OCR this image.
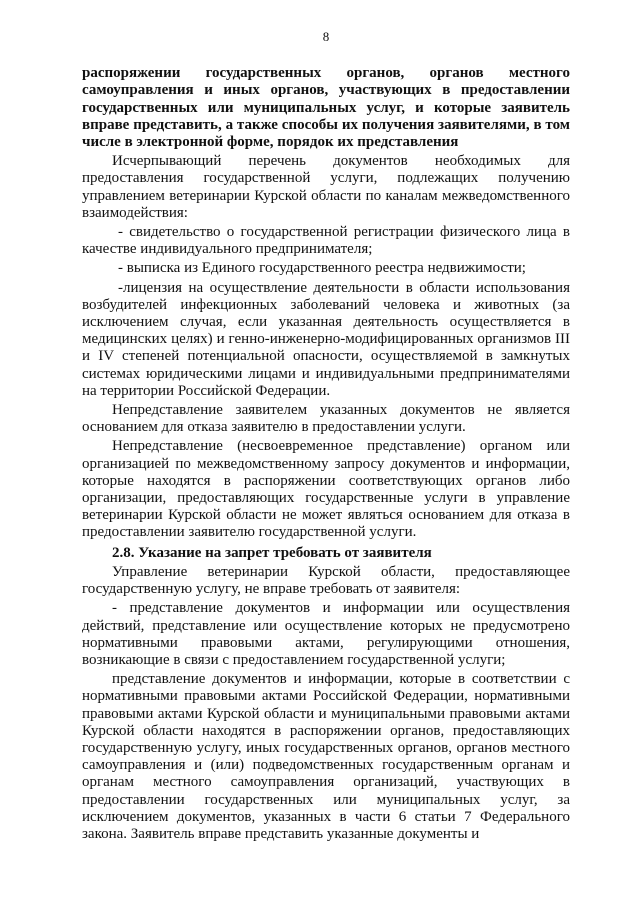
8
распоряжении государственных органов, органов местного самоуправления и иных органов, участвующих в предоставлении государственных или муниципальных услуг, и которые заявитель вправе представить, а также способы их получения заявителями, в том числе в электронной форме, порядок их представления

Исчерпывающий перечень документов необходимых для предоставления государственной услуги, подлежащих получению управлением ветеринарии Курской области по каналам межведомственного взаимодействия:

- свидетельство о государственной регистрации физического лица в качестве индивидуального предпринимателя;

- выписка из Единого государственного реестра недвижимости;

-лицензия на осуществление деятельности в области использования возбудителей инфекционных заболеваний человека и животных (за исключением случая, если указанная деятельность осуществляется в медицинских целях) и генно-инженерно-модифицированных организмов III и IV степеней потенциальной опасности, осуществляемой в замкнутых системах юридическими лицами и индивидуальными предпринимателями на территории Российской Федерации.

Непредставление заявителем указанных документов не является основанием для отказа заявителю в предоставлении услуги.

Непредставление (несвоевременное представление) органом или организацией по межведомственному запросу документов и информации, которые находятся в распоряжении соответствующих органов либо организации, предоставляющих государственные услуги в управление ветеринарии Курской области не может являться основанием для отказа в предоставлении заявителю государственной услуги.

2.8. Указание на запрет требовать от заявителя

Управление ветеринарии Курской области, предоставляющее государственную услугу, не вправе требовать от заявителя:

- представление документов и информации или осуществления действий, представление или осуществление которых не предусмотрено нормативными правовыми актами, регулирующими отношения, возникающие в связи с предоставлением государственной услуги;

представление документов и информации, которые в соответствии с нормативными правовыми актами Российской Федерации, нормативными правовыми актами Курской области и муниципальными правовыми актами Курской области находятся в распоряжении органов, предоставляющих государственную услугу, иных государственных органов, органов местного самоуправления и (или) подведомственных государственным органам и органам местного самоуправления организаций, участвующих в предоставлении государственных или муниципальных услуг, за исключением документов, указанных в части 6 статьи 7 Федерального закона. Заявитель вправе представить указанные документы и
